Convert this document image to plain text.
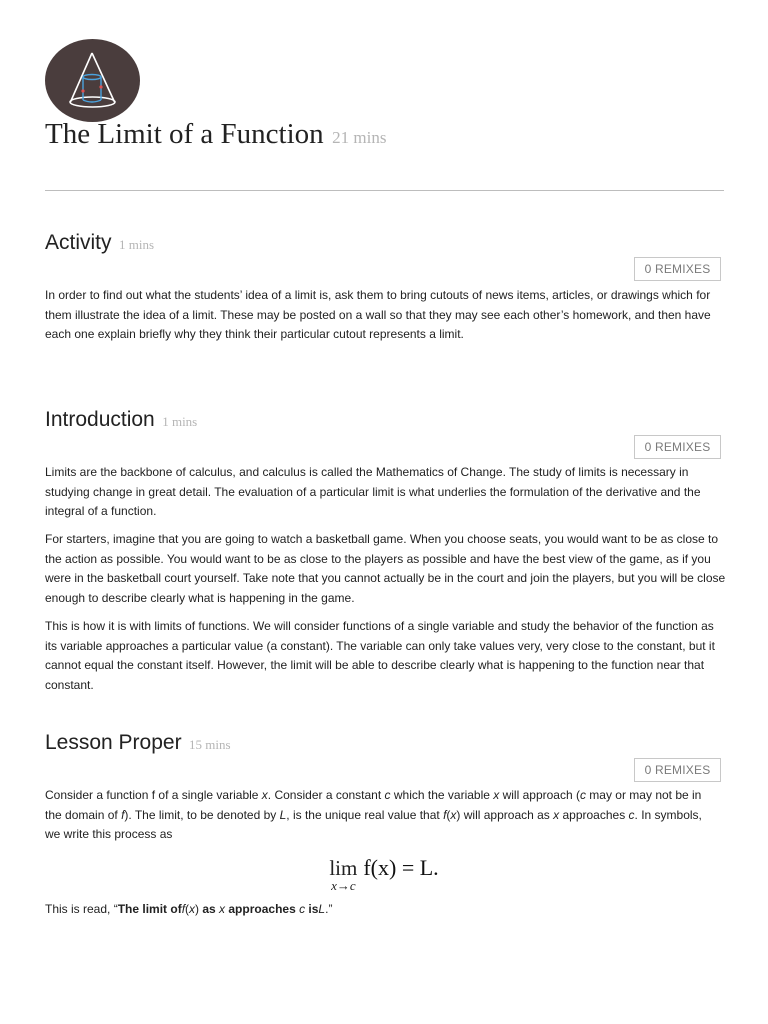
The Limit of a Function 21 mins
Activity 1 mins
0 REMIXES

In order to find out what the students’ idea of a limit is, ask them to bring cutouts of news items, articles, or drawings which for them illustrate the idea of a limit. These may be posted on a wall so that they may see each other’s homework, and then have each one explain briefly why they think their particular cutout represents a limit.

Introduction 1 mins
0 REMIXES

Limits are the backbone of calculus, and calculus is called the Mathematics of Change. The study of limits is necessary in studying change in great detail. The evaluation of a particular limit is what underlies the formulation of the derivative and the integral of a function.

For starters, imagine that you are going to watch a basketball game. When you choose seats, you would want to be as close to the action as possible. You would want to be as close to the players as possible and have the best view of the game, as if you were in the basketball court yourself. Take note that you cannot actually be in the court and join the players, but you will be close enough to describe clearly what is happening in the game.

This is how it is with limits of functions. We will consider functions of a single variable and study the behavior of the function as its variable approaches a particular value (a constant). The variable can only take values very, very close to the constant, but it cannot equal the constant itself. However, the limit will be able to describe clearly what is happening to the function near that constant.

Lesson Proper 15 mins
0 REMIXES

Consider a function f of a single variable x. Consider a constant c which the variable x will approach (c may or may not be in the domain of f). The limit, to be denoted by L, is the unique real value that f(x) will approach as x approaches c. In symbols, we write this process as

lim
x→c
f(x) = L.

This is read, “The limit off(x) as x approaches c isL.”
